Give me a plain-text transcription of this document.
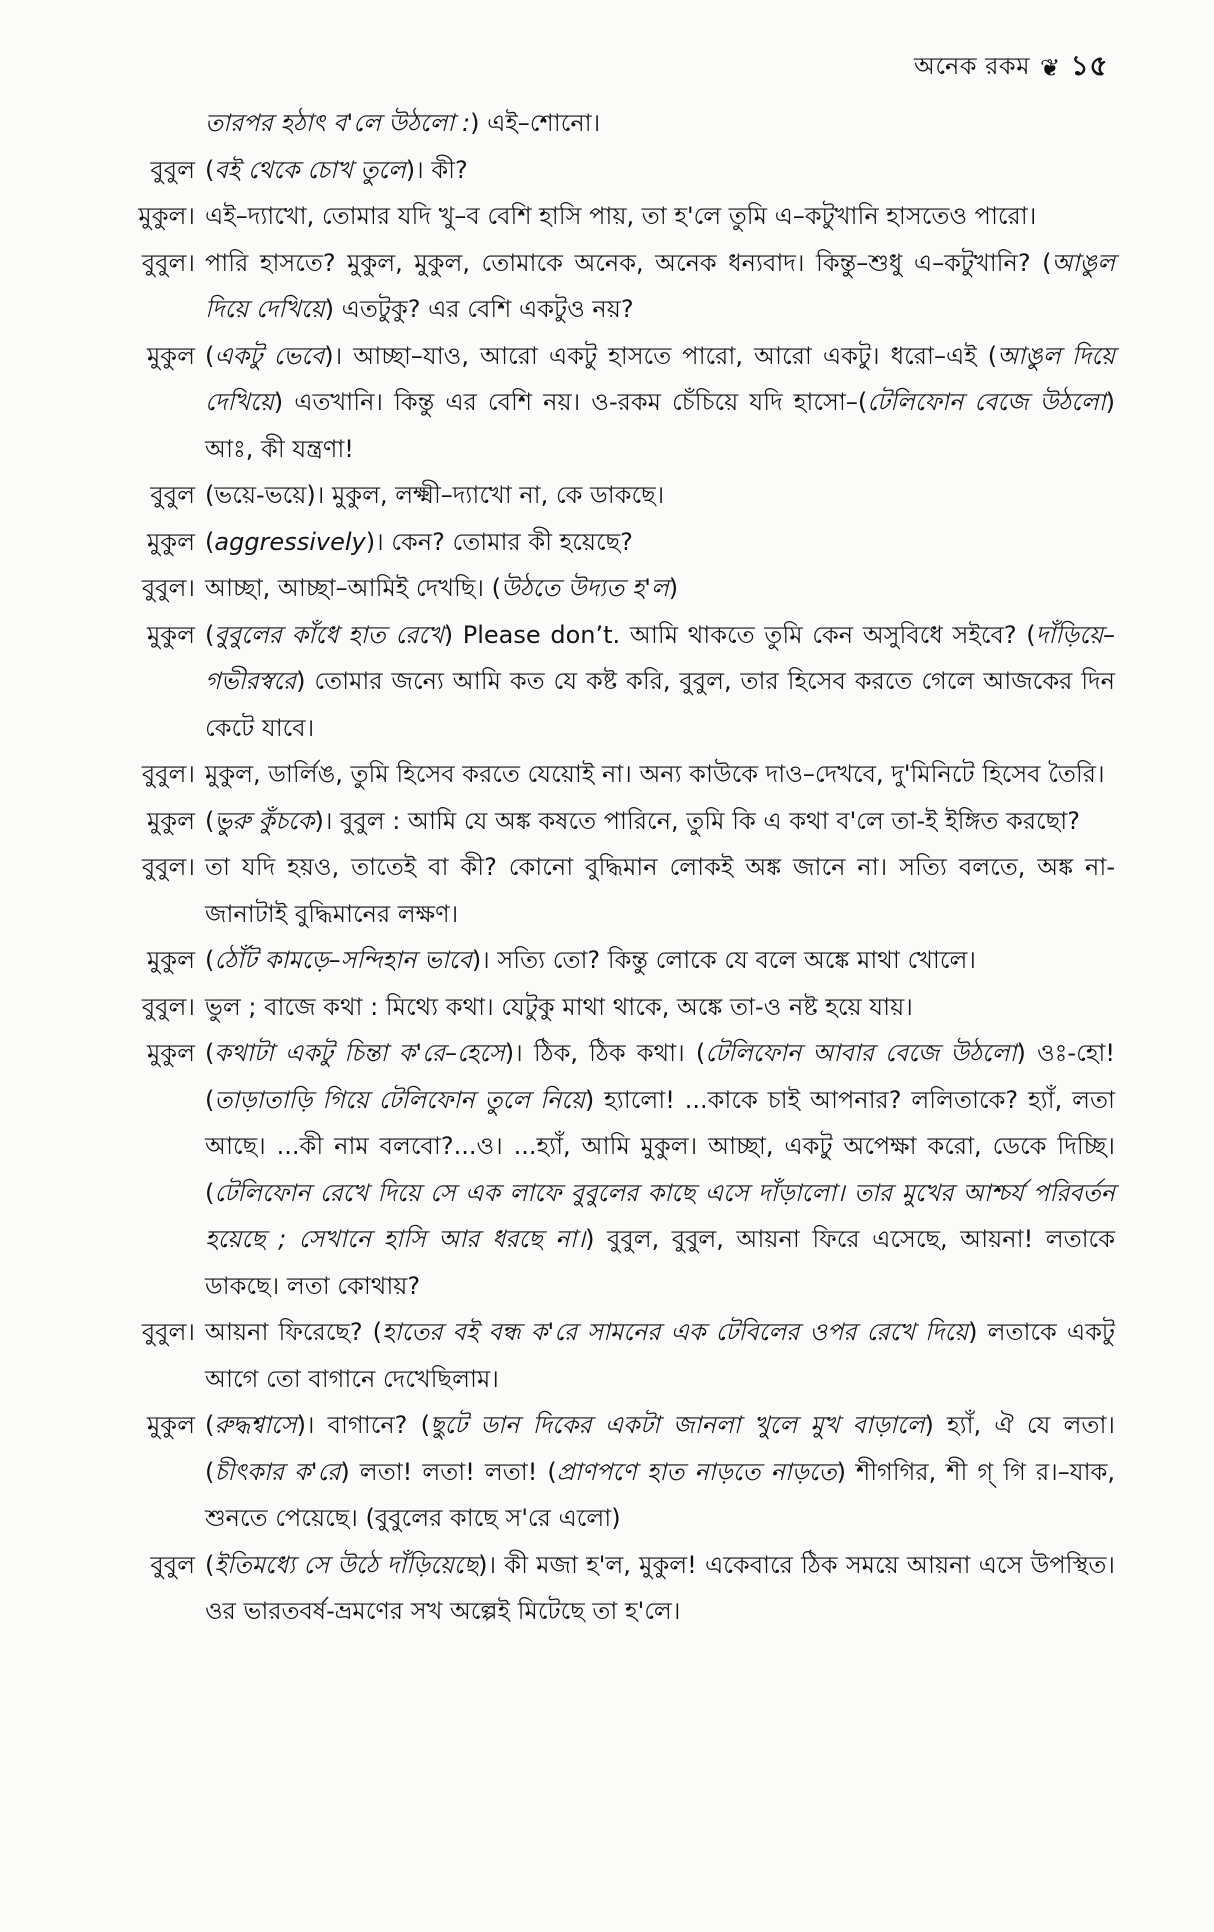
অনেক রকম ❦ ১৫
তারপর হঠাৎ ব'লে উঠলো :) এই–শোনো।
বুবুল (বই থেকে চোখ তুলে)। কী?
মুকুল। এই–দ্যাখো, তোমার যদি খু–ব বেশি হাসি পায়, তা হ'লে তুমি এ–কটুখানি হাসতেও পারো।
বুবুল। পারি হাসতে? মুকুল, মুকুল, তোমাকে অনেক, অনেক ধন্যবাদ। কিন্তু–শুধু এ–কটুখানি? (আঙুল দিয়ে দেখিয়ে) এতটুকু? এর বেশি একটুও নয়?
মুকুল (একটু ভেবে)। আচ্ছা–যাও, আরো একটু হাসতে পারো, আরো একটু। ধরো–এই (আঙুল দিয়ে দেখিয়ে) এতখানি। কিন্তু এর বেশি নয়। ও-রকম চেঁচিয়ে যদি হাসো–(টেলিফোন বেজে উঠলো) আঃ, কী যন্ত্রণা!
বুবুল (ভয়ে-ভয়ে)। মুকুল, লক্ষ্মী–দ্যাখো না, কে ডাকছে।
মুকুল (aggressively)। কেন? তোমার কী হয়েছে?
বুবুল। আচ্ছা, আচ্ছা–আমিই দেখছি। (উঠতে উদ্যত হ'ল)
মুকুল (বুবুলের কাঁধে হাত রেখে) Please don’t. আমি থাকতে তুমি কেন অসুবিধে সইবে? (দাঁড়িয়ে–গভীরস্বরে) তোমার জন্যে আমি কত যে কষ্ট করি, বুবুল, তার হিসেব করতে গেলে আজকের দিন কেটে যাবে।
বুবুল। মুকুল, ডার্লিঙ, তুমি হিসেব করতে যেয়োই না। অন্য কাউকে দাও–দেখবে, দু'মিনিটে হিসেব তৈরি।
মুকুল (ভুরু কুঁচকে)। বুবুল : আমি যে অঙ্ক কষতে পারিনে, তুমি কি এ কথা ব'লে তা-ই ইঙ্গিত করছো?
বুবুল। তা যদি হয়ও, তাতেই বা কী? কোনো বুদ্ধিমান লোকই অঙ্ক জানে না। সত্যি বলতে, অঙ্ক না-জানাটাই বুদ্ধিমানের লক্ষণ।
মুকুল (ঠোঁট কামড়ে–সন্দিহান ভাবে)। সত্যি তো? কিন্তু লোকে যে বলে অঙ্কে মাথা খোলে।
বুবুল। ভুল ; বাজে কথা : মিথ্যে কথা। যেটুকু মাথা থাকে, অঙ্কে তা-ও নষ্ট হয়ে যায়।
মুকুল (কথাটা একটু চিন্তা ক'রে–হেসে)। ঠিক, ঠিক কথা। (টেলিফোন আবার বেজে উঠলো) ওঃ-হো! (তাড়াতাড়ি গিয়ে টেলিফোন তুলে নিয়ে) হ্যালো! ...কাকে চাই আপনার? ললিতাকে? হ্যাঁ, লতা আছে। ...কী নাম বলবো?...ও। ...হ্যাঁ, আমি মুকুল। আচ্ছা, একটু অপেক্ষা করো, ডেকে দিচ্ছি। (টেলিফোন রেখে দিয়ে সে এক লাফে বুবুলের কাছে এসে দাঁড়ালো। তার মুখের আশ্চর্য পরিবর্তন হয়েছে ; সেখানে হাসি আর ধরছে না।) বুবুল, বুবুল, আয়না ফিরে এসেছে, আয়না! লতাকে ডাকছে। লতা কোথায়?
বুবুল। আয়না ফিরেছে? (হাতের বই বন্ধ ক'রে সামনের এক টেবিলের ওপর রেখে দিয়ে) লতাকে একটু আগে তো বাগানে দেখেছিলাম।
মুকুল (রুদ্ধশ্বাসে)। বাগানে? (ছুটে ডান দিকের একটা জানলা খুলে মুখ বাড়ালে) হ্যাঁ, ঐ যে লতা। (চীৎকার ক'রে) লতা! লতা! লতা! (প্রাণপণে হাত নাড়তে নাড়তে) শীগগির, শী গ্ গি র।–যাক, শুনতে পেয়েছে। (বুবুলের কাছে স'রে এলো)
বুবুল (ইতিমধ্যে সে উঠে দাঁড়িয়েছে)। কী মজা হ'ল, মুকুল! একেবারে ঠিক সময়ে আয়না এসে উপস্থিত। ওর ভারতবর্ষ-ভ্রমণের সখ অল্পেই মিটেছে তা হ'লে।
